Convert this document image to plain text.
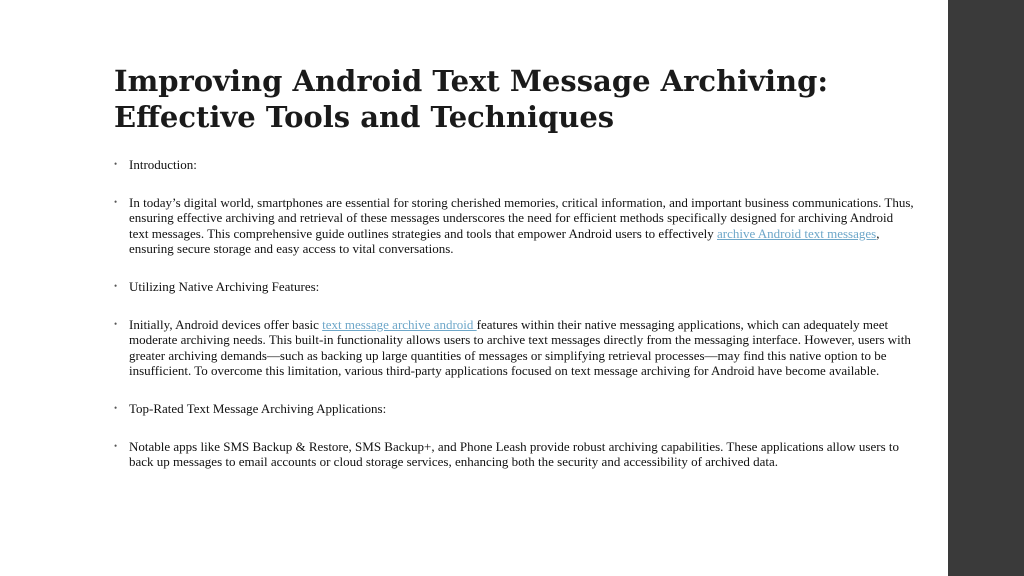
Improving Android Text Message Archiving:
Effective Tools and Techniques
• Introduction:
• In today’s digital world, smartphones are essential for storing cherished memories, critical information, and important business communications. Thus, ensuring effective archiving and retrieval of these messages underscores the need for efficient methods specifically designed for archiving Android text messages. This comprehensive guide outlines strategies and tools that empower Android users to effectively archive Android text messages, ensuring secure storage and easy access to vital conversations.
• Utilizing Native Archiving Features:
• Initially, Android devices offer basic text message archive android features within their native messaging applications, which can adequately meet moderate archiving needs. This built-in functionality allows users to archive text messages directly from the messaging interface. However, users with greater archiving demands—such as backing up large quantities of messages or simplifying retrieval processes—may find this native option to be insufficient. To overcome this limitation, various third-party applications focused on text message archiving for Android have become available.
• Top-Rated Text Message Archiving Applications:
• Notable apps like SMS Backup & Restore, SMS Backup+, and Phone Leash provide robust archiving capabilities. These applications allow users to back up messages to email accounts or cloud storage services, enhancing both the security and accessibility of archived data.
